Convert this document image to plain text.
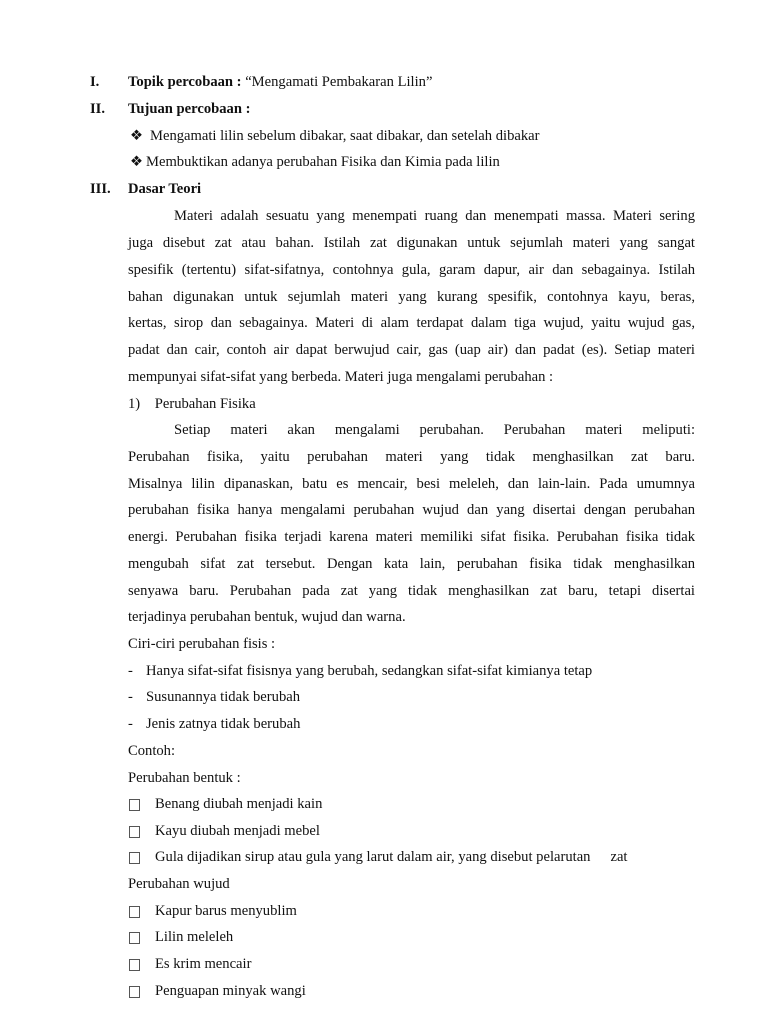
I. Topik percobaan : “Mengamati Pembakaran Lilin”
II. Tujuan percobaan :
❖ Mengamati lilin sebelum dibakar, saat dibakar, dan setelah dibakar
❖ Membuktikan adanya perubahan Fisika dan Kimia pada lilin
III. Dasar Teori
Materi adalah sesuatu yang menempati ruang dan menempati massa. Materi sering
juga disebut zat atau bahan. Istilah zat digunakan untuk sejumlah materi yang sangat
spesifik (tertentu) sifat-sifatnya, contohnya gula, garam dapur, air dan sebagainya. Istilah
bahan digunakan untuk sejumlah materi yang kurang spesifik, contohnya kayu, beras,
kertas, sirop dan sebagainya. Materi di alam terdapat dalam tiga wujud, yaitu wujud gas,
padat dan cair, contoh air dapat berwujud cair, gas (uap air) dan padat (es). Setiap materi
mempunyai sifat-sifat yang berbeda. Materi juga mengalami perubahan :
1)    Perubahan Fisika
Setiap materi akan mengalami perubahan. Perubahan materi meliputi:
Perubahan fisika, yaitu perubahan materi yang tidak menghasilkan zat baru.
Misalnya lilin dipanaskan, batu es mencair, besi meleleh, dan lain-lain. Pada umumnya
perubahan fisika hanya mengalami perubahan wujud dan yang disertai dengan perubahan
energi. Perubahan fisika terjadi karena materi memiliki sifat fisika. Perubahan fisika tidak
mengubah sifat zat tersebut. Dengan kata lain, perubahan fisika tidak menghasilkan
senyawa baru. Perubahan pada zat yang tidak menghasilkan zat baru, tetapi disertai
terjadinya perubahan bentuk, wujud dan warna.
Ciri-ciri perubahan fisis :
- Hanya sifat-sifat fisisnya yang berubah, sedangkan sifat-sifat kimianya tetap
- Susunannya tidak berubah
- Jenis zatnya tidak berubah
Contoh:
Perubahan bentuk :
Benang diubah menjadi kain
Kayu diubah menjadi mebel
Gula dijadikan sirup atau gula yang larut dalam air, yang disebut pelarutan zat
Perubahan wujud
Kapur barus menyublim
Lilin meleleh
Es krim mencair
Penguapan minyak wangi
